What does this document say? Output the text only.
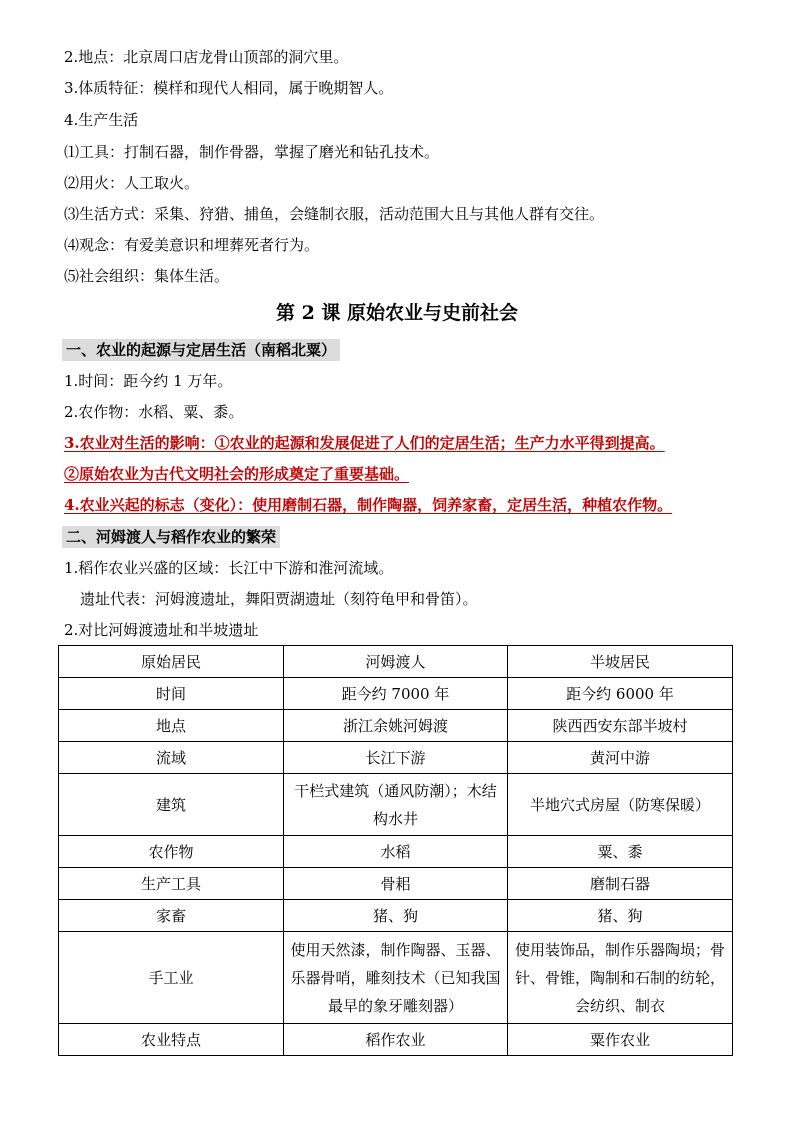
2.地点：北京周口店龙骨山顶部的洞穴里。
3.体质特征：模样和现代人相同，属于晚期智人。
4.生产生活
⑴工具：打制石器，制作骨器，掌握了磨光和钻孔技术。
⑵用火：人工取火。
⑶生活方式：采集、狩猎、捕鱼，会缝制衣服，活动范围大且与其他人群有交往。
⑷观念：有爱美意识和埋葬死者行为。
⑸社会组织：集体生活。
第 2 课 原始农业与史前社会
一、农业的起源与定居生活（南稻北粟）
1.时间：距今约 1 万年。
2.农作物：水稻、粟、黍。
3.农业对生活的影响：①农业的起源和发展促进了人们的定居生活；生产力水平得到提高。
②原始农业为古代文明社会的形成奠定了重要基础。
4.农业兴起的标志（变化）：使用磨制石器，制作陶器，饲养家畜，定居生活，种植农作物。
二、河姆渡人与稻作农业的繁荣
1.稻作农业兴盛的区域：长江中下游和淮河流域。
遗址代表：河姆渡遗址，舞阳贾湖遗址（刻符龟甲和骨笛）。
2.对比河姆渡遗址和半坡遗址
原始居民	河姆渡人	半坡居民
时间	距今约 7000 年	距今约 6000 年
地点	浙江余姚河姆渡	陕西西安东部半坡村
流域	长江下游	黄河中游
建筑	干栏式建筑（通风防潮）；木结构水井	半地穴式房屋（防寒保暖）
农作物	水稻	粟、黍
生产工具	骨耜	磨制石器
家畜	猪、狗	猪、狗
手工业	使用天然漆，制作陶器、玉器、乐器骨哨，雕刻技术（已知我国最早的象牙雕刻器）	使用装饰品，制作乐器陶埙；骨针、骨锥，陶制和石制的纺轮，会纺织、制衣
农业特点	稻作农业	粟作农业
